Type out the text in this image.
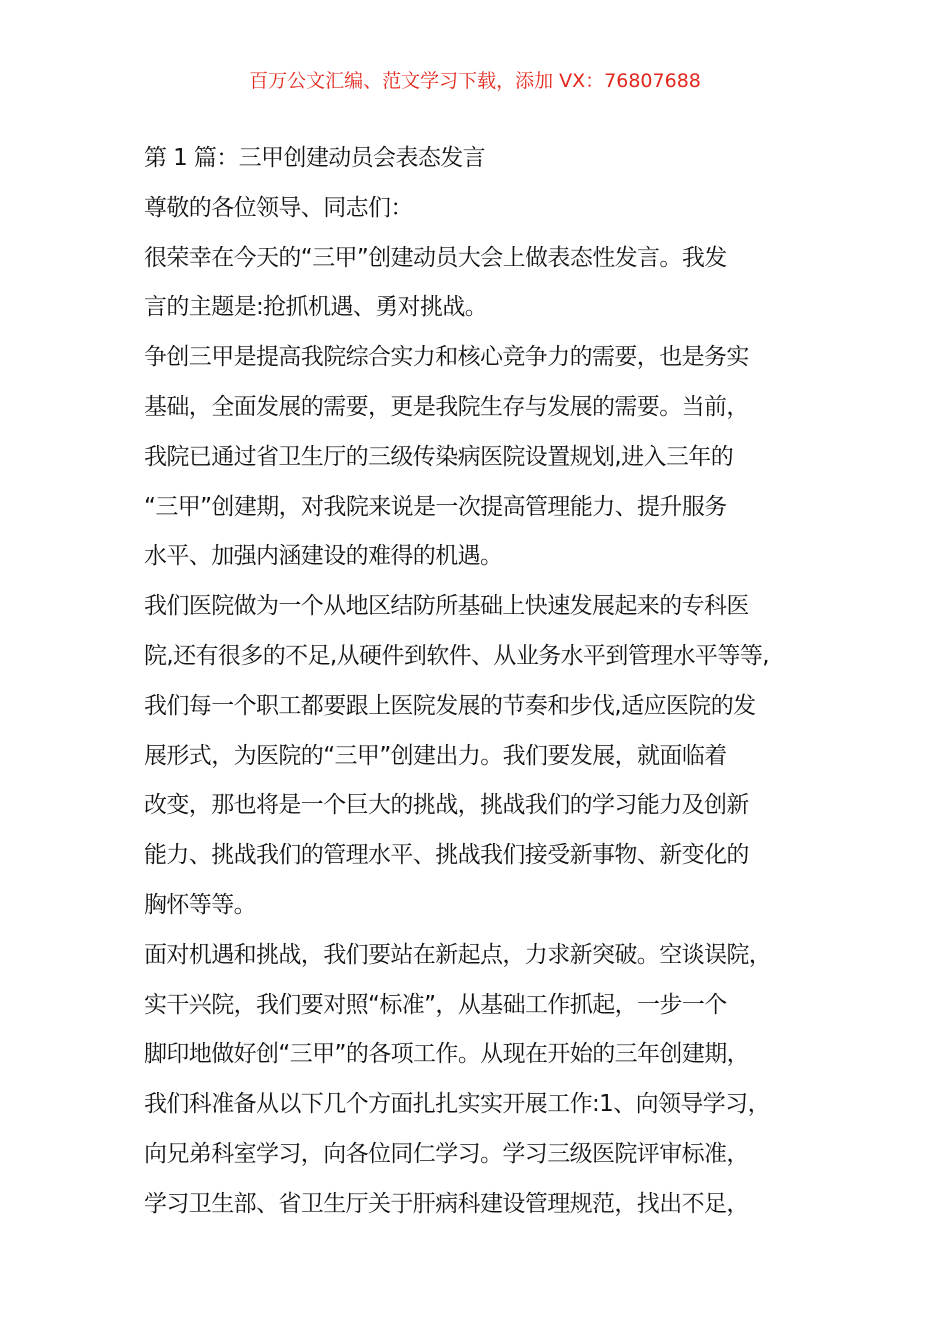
百万公文汇编、范文学习下载，添加 VX：76807688
第 1 篇：三甲创建动员会表态发言
尊敬的各位领导、同志们：
很荣幸在今天的“三甲”创建动员大会上做表态性发言。我发
言的主题是:抢抓机遇、勇对挑战。
争创三甲是提高我院综合实力和核心竞争力的需要，也是务实
基础，全面发展的需要，更是我院生存与发展的需要。当前，
我院已通过省卫生厅的三级传染病医院设置规划,进入三年的
“三甲”创建期，对我院来说是一次提高管理能力、提升服务
水平、加强内涵建设的难得的机遇。
我们医院做为一个从地区结防所基础上快速发展起来的专科医
院,还有很多的不足,从硬件到软件、从业务水平到管理水平等等,
我们每一个职工都要跟上医院发展的节奏和步伐,适应医院的发
展形式，为医院的“三甲”创建出力。我们要发展，就面临着
改变，那也将是一个巨大的挑战，挑战我们的学习能力及创新
能力、挑战我们的管理水平、挑战我们接受新事物、新变化的
胸怀等等。
面对机遇和挑战，我们要站在新起点，力求新突破。空谈误院，
实干兴院，我们要对照“标准”，从基础工作抓起，一步一个
脚印地做好创“三甲”的各项工作。从现在开始的三年创建期，
我们科准备从以下几个方面扎扎实实开展工作:1、向领导学习，
向兄弟科室学习，向各位同仁学习。学习三级医院评审标准，
学习卫生部、省卫生厅关于肝病科建设管理规范，找出不足，
